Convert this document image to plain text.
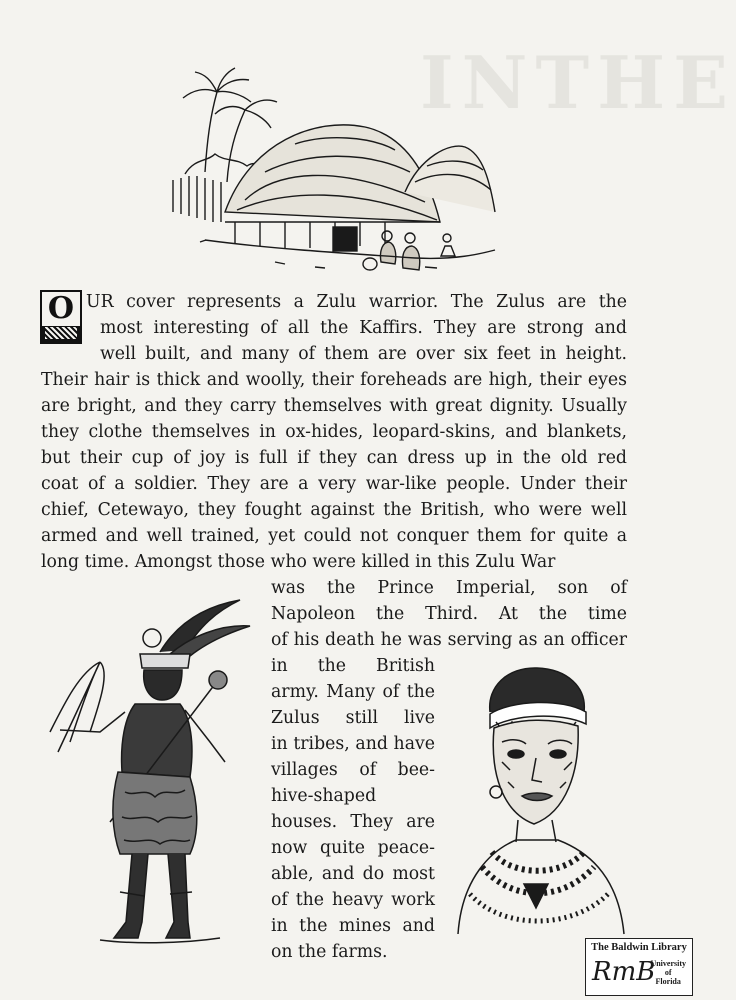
INTHE
O UR cover represents a Zulu warrior. The Zulus are the
most interesting of all the Kaffirs. They are strong and
well built, and many of them are over six feet in height.
Their hair is thick and woolly, their foreheads are high, their eyes
are bright, and they carry themselves with great dignity. Usually
they clothe themselves in ox-hides, leopard-skins, and blankets,
but their cup of joy is full if they can dress up in the old red
coat of a soldier. They are a very war-like people. Under their
chief, Cetewayo, they fought against the British, who were well
armed and well trained, yet could not conquer them for quite a
long time. Amongst those who were killed in this Zulu War
was the Prince Imperial, son of
Napoleon the Third. At the time
of his death he was serving as an officer
in the British
army. Many of the
Zulus still live
in tribes, and have
villages of bee-
hive-shaped
houses. They are
now quite peace-
able, and do most
of the heavy work
in the mines and
on the farms.	The Baldwin Library
RmB
University
of
Florida
